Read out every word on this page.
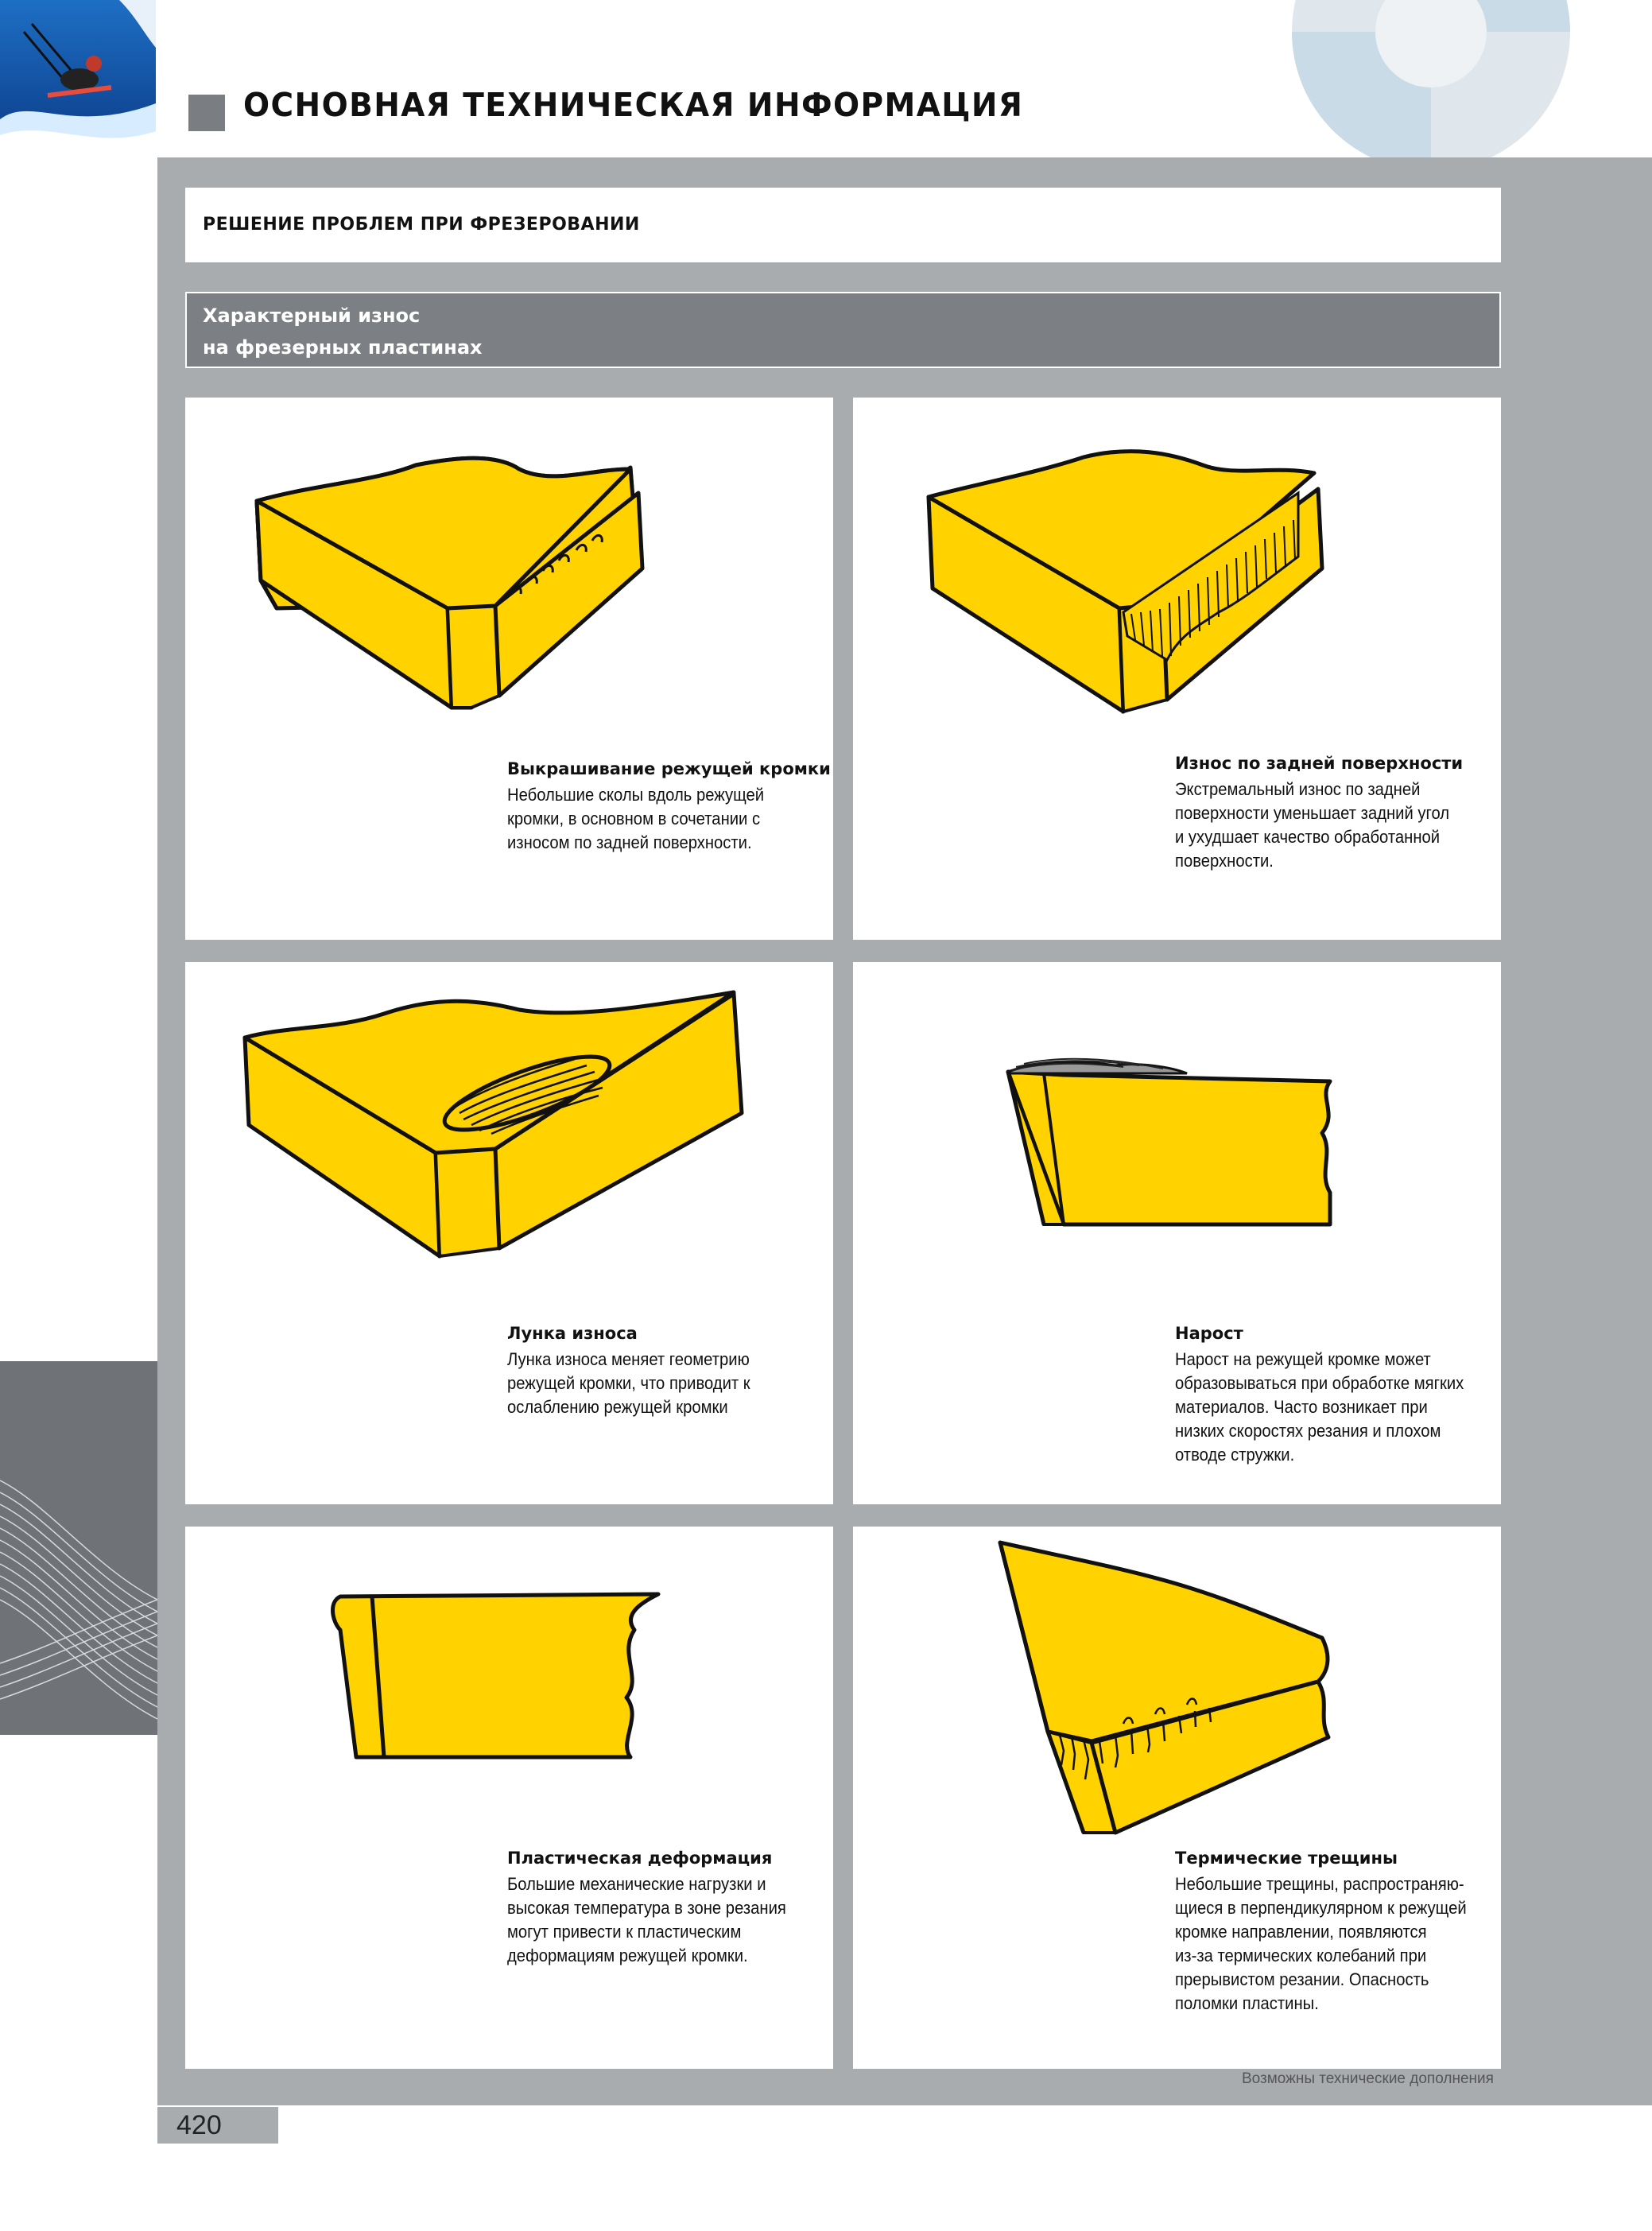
ОСНОВНАЯ ТЕХНИЧЕСКАЯ ИНФОРМАЦИЯ
РЕШЕНИЕ ПРОБЛЕМ ПРИ ФРЕЗЕРОВАНИИ
Характерный износ
на фрезерных пластинах
Выкрашивание режущей кромки
Небольшие сколы вдоль режущей
кромки, в основном в сочетании с
износом по задней поверхности.
Износ по задней поверхности
Экстремальный износ по задней
поверхности уменьшает задний угол
и ухудшает качество обработанной
поверхности.
Лунка износа
Лунка износа меняет геометрию
режущей кромки, что приводит к
ослаблению режущей кромки
Нарост
Нарост на режущей кромке может
образовываться при обработке мягких
материалов. Часто возникает при
низких скоростях резания и плохом
отводе стружки.
Пластическая деформация
Большие механические нагрузки и
высокая температура в зоне резания
могут привести к пластическим
деформациям режущей кромки.
Термические трещины
Небольшие трещины, распространяю-
щиеся в перпендикулярном к режущей
кромке направлении, появляются
из-за термических колебаний при
прерывистом резании. Опасность
поломки пластины.
Возможны технические дополнения
420
